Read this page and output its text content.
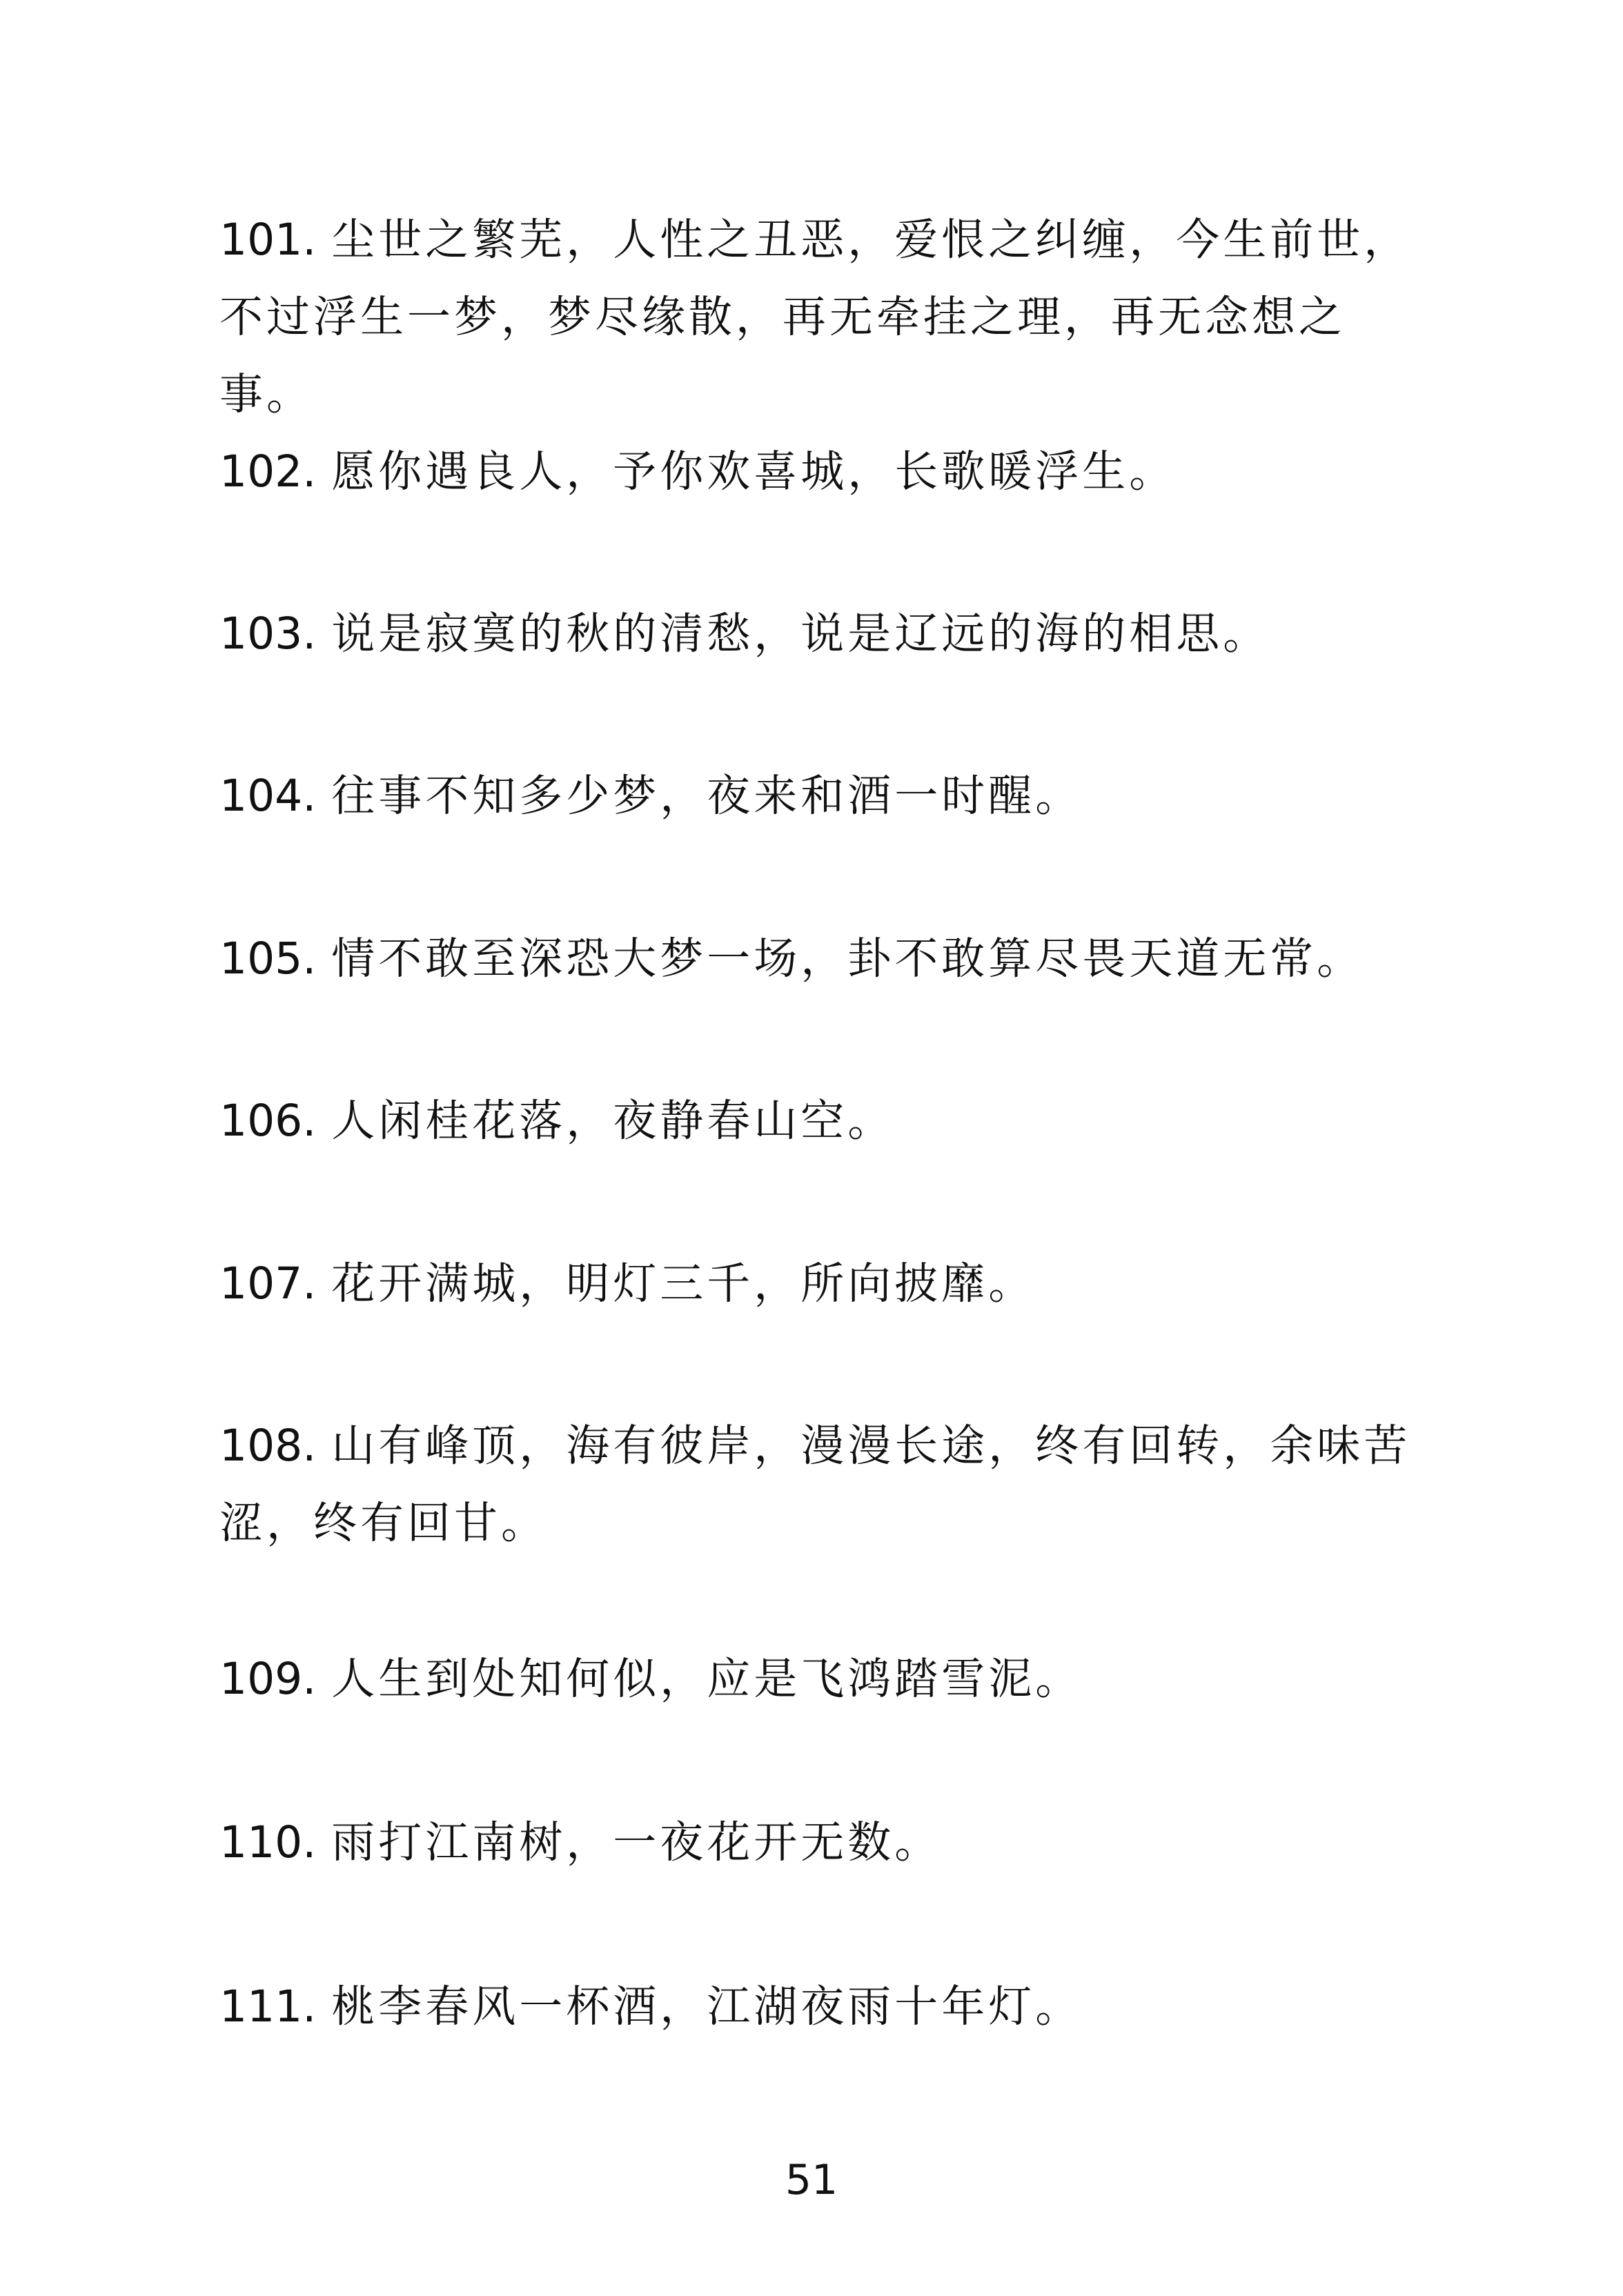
101. 尘世之繁芜，人性之丑恶，爱恨之纠缠，今生前世，不过浮生一梦，梦尽缘散，再无牵挂之理，再无念想之事。
102. 愿你遇良人，予你欢喜城，长歌暖浮生。
103. 说是寂寞的秋的清愁，说是辽远的海的相思。
104. 往事不知多少梦，夜来和酒一时醒。
105. 情不敢至深恐大梦一场，卦不敢算尽畏天道无常。
106. 人闲桂花落，夜静春山空。
107. 花开满城，明灯三千，所向披靡。
108. 山有峰顶，海有彼岸，漫漫长途，终有回转，余味苦涩，终有回甘。
109. 人生到处知何似，应是飞鸿踏雪泥。
110. 雨打江南树，一夜花开无数。
111. 桃李春风一杯酒，江湖夜雨十年灯。
51
